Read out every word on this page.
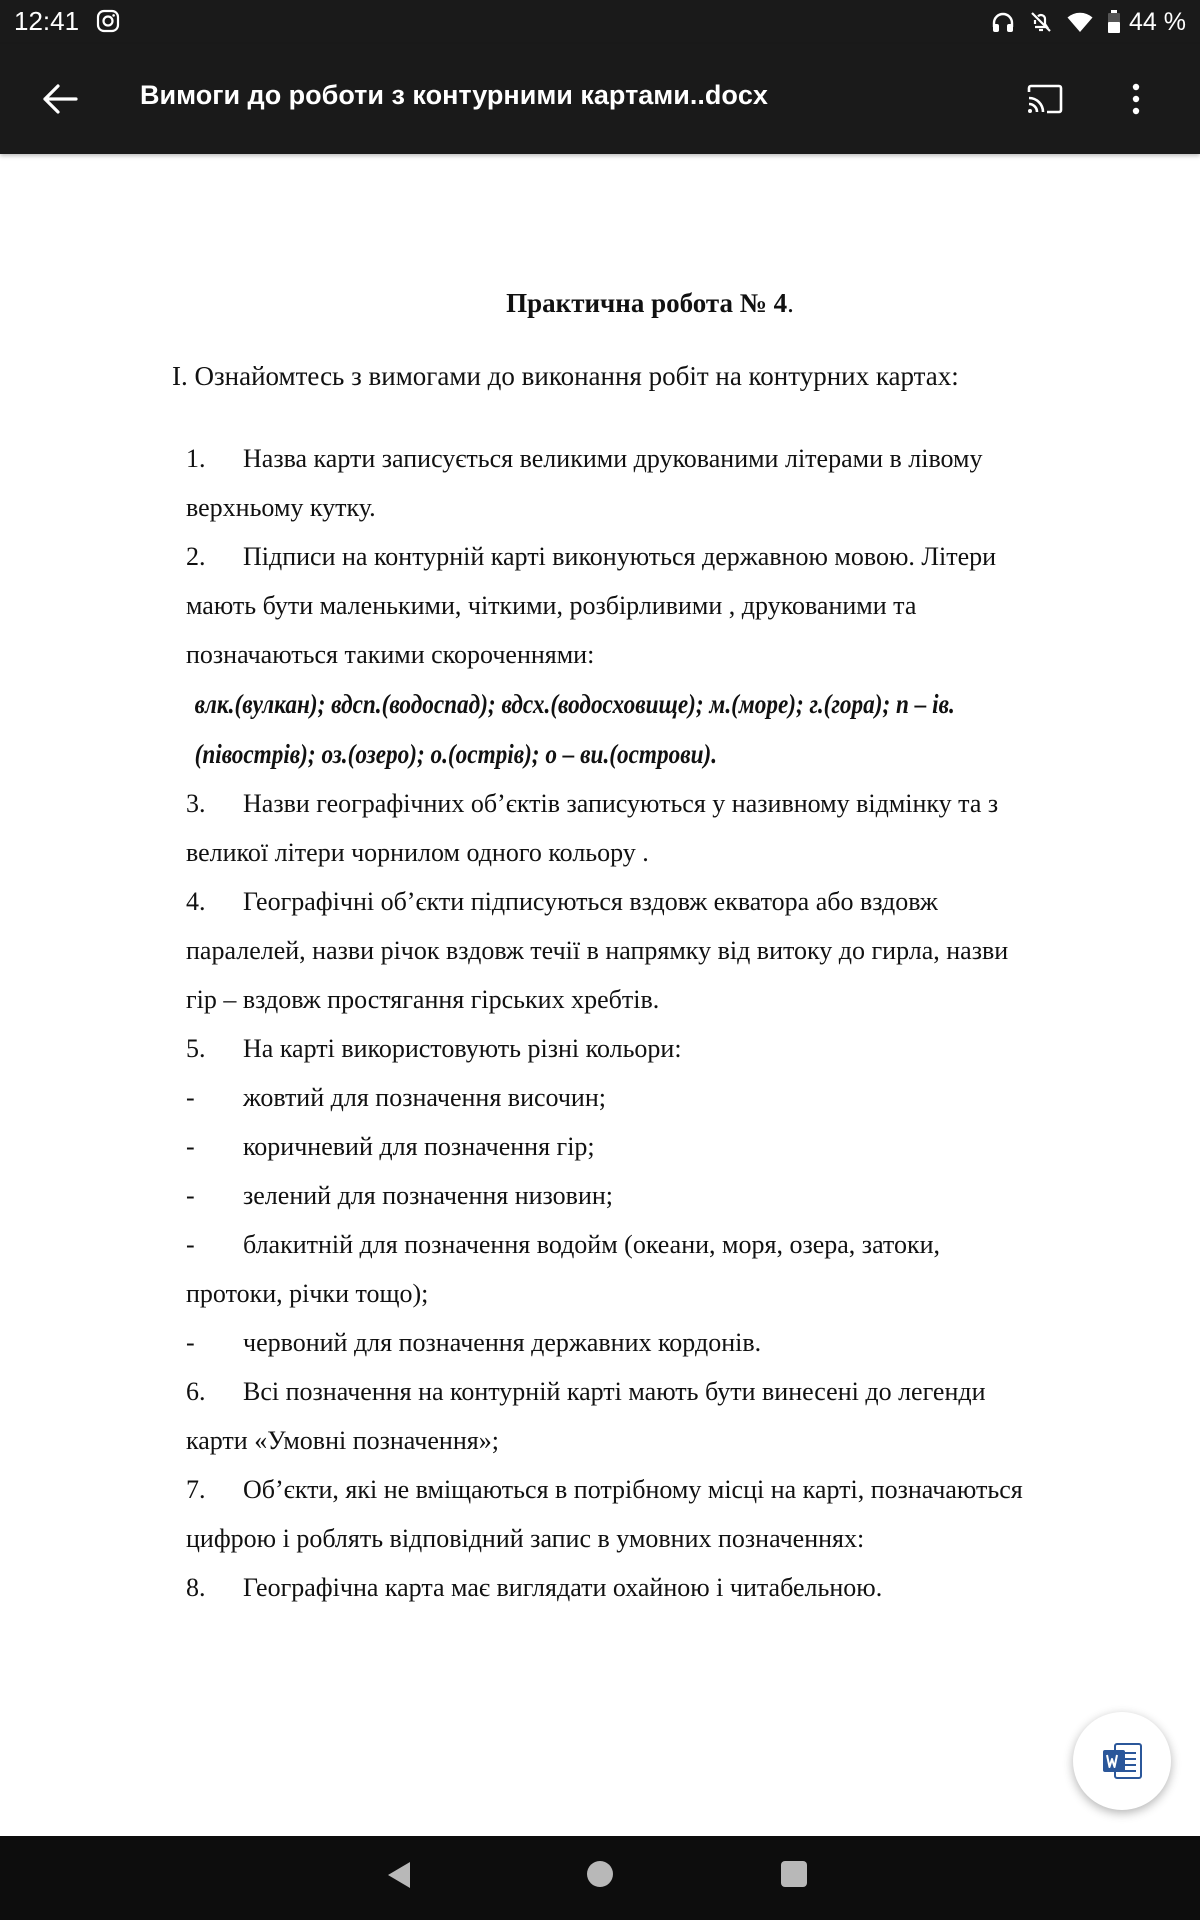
12:41	44 %
Вимоги до роботи з контурними картами..docx
Практична робота № 4.
I. Ознайомтесь з вимогами до виконання робіт на контурних картах:
1. Назва карти записується великими друкованими літерами в лівому
верхньому кутку.
2. Підписи на контурній карті виконуються державною мовою. Літери
мають бути маленькими, чіткими, розбірливими , друкованими та
позначаються такими скороченнями:
влк.(вулкан); вдсп.(водоспад); вдсх.(водосховище); м.(море); г.(гора); п – ів.
(півострів); оз.(озеро); о.(острів); о – ви.(острови).
3. Назви географічних об’єктів записуються у називному відмінку та з
великої літери чорнилом одного кольору .
4. Географічні об’єкти підписуються вздовж екватора або вздовж
паралелей, назви річок вздовж течії в напрямку від витоку до гирла, назви
гір – вздовж простягання гірських хребтів.
5. На карті використовують різні кольори:
- жовтий для позначення височин;
- коричневий для позначення гір;
- зелений для позначення низовин;
- блакитній для позначення водойм (океани, моря, озера, затоки,
протоки, річки тощо);
- червоний для позначення державних кордонів.
6. Всі позначення на контурній карті мають бути винесені до легенди
карти «Умовні позначення»;
7. Об’єкти, які не вміщаються в потрібному місці на карті, позначаються
цифрою і роблять відповідний запис в умовних позначеннях:
8. Географічна карта має виглядати охайною і читабельною.
